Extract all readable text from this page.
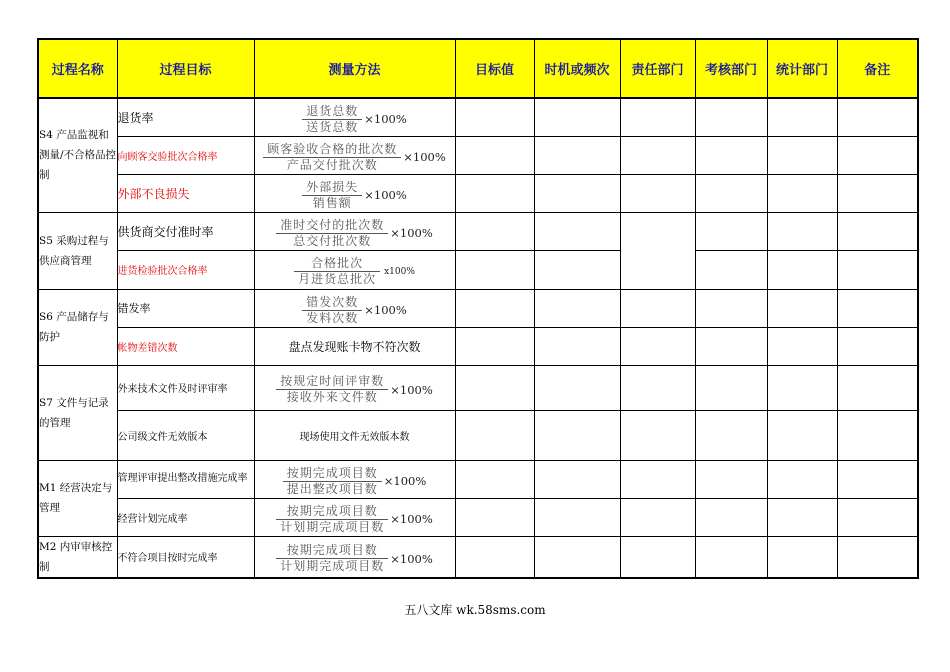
过程名称	过程目标	测量方法	目标值	时机或频次	责任部门	考核部门	统计部门	备注
S4 产品监视和测量/不合格品控制	退货率	$\frac{\text{退货总数}}{\text{送货总数}} \times 100\%$						

	向顾客交验批次合格率	$\frac{\text{顾客验收合格的批次数}}{\text{产品交付批次数}} \times 100\%$						

	外部不良损失	$\frac{\text{外部损失}}{\text{销售额}} \times 100\%$						

S5 采购过程与供应商管理	供货商交付准时率	$\frac{\text{准时交付的批次数}}{\text{总交付批次数}} \times 100\%$						

	进货检验批次合格率	$\frac{\text{合格批次}}{\text{月进货总批次}} x100\%$						

S6 产品储存与防护	错发率	$\frac{\text{错发次数}}{\text{发料次数}} \times 100\%$						

	帐物差错次数	盘点发现账卡物不符次数						
S7 文件与记录的管理	外来技术文件及时评审率	$\frac{\text{按规定时间评审数}}{\text{接收外来文件数}} \times 100\%$						

	公司级文件无效版本	现场使用文件无效版本数						
M1 经营决定与管理	管理评审提出整改措施完成率	$\frac{\text{按期完成项目数}}{\text{提出整改项目数}} \times 100\%$						

	经营计划完成率	$\frac{\text{按期完成项目数}}{\text{计划期完成项目数}} \times 100\%$						

M2 内审审核控制	不符合项目按时完成率	$\frac{\text{按期完成项目数}}{\text{计划期完成项目数}} \times 100\%$						

五八文库 wk.58sms.com
